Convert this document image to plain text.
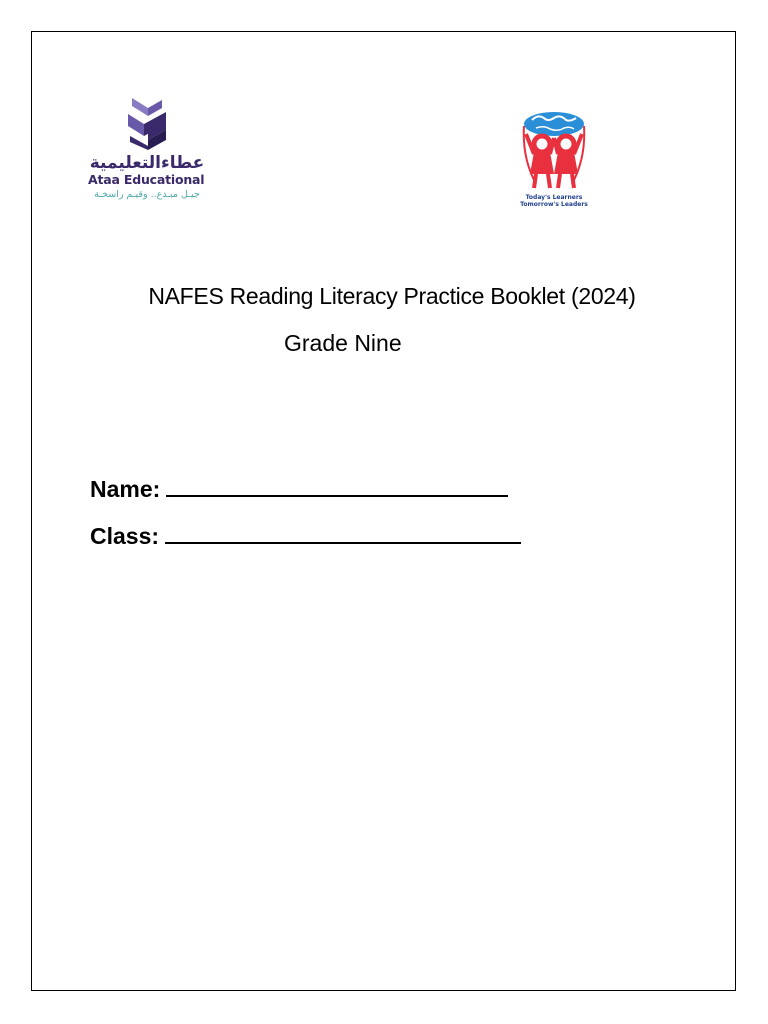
عطاءالتعليمية
Ataa Educational
جيـل مبـدع.. وقيـم راسخـة	Today's Learners
Tomorrow's Leaders
NAFES Reading Literacy Practice Booklet (2024)
Grade Nine
Name:
Class:
